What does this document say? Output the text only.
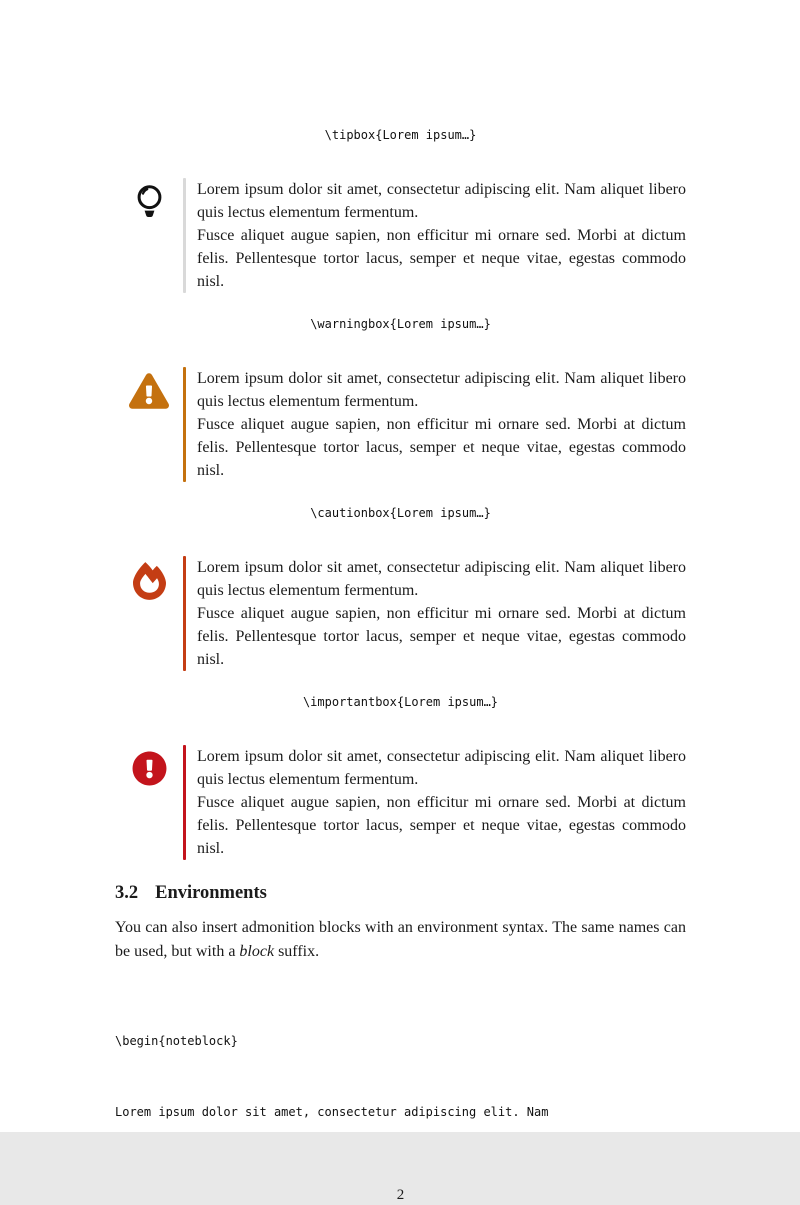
\tipbox{Lorem ipsum…}

Lorem ipsum dolor sit amet, consectetur adipiscing elit. Nam aliquet libero quis lectus elementum fermentum.

Fusce aliquet augue sapien, non efficitur mi ornare sed. Morbi at dictum felis. Pellentesque tortor lacus, semper et neque vitae, egestas commodo nisl.

\warningbox{Lorem ipsum…}

Lorem ipsum dolor sit amet, consectetur adipiscing elit. Nam aliquet libero quis lectus elementum fermentum.

Fusce aliquet augue sapien, non efficitur mi ornare sed. Morbi at dictum felis. Pellentesque tortor lacus, semper et neque vitae, egestas commodo nisl.

\cautionbox{Lorem ipsum…}

Lorem ipsum dolor sit amet, consectetur adipiscing elit. Nam aliquet libero quis lectus elementum fermentum.

Fusce aliquet augue sapien, non efficitur mi ornare sed. Morbi at dictum felis. Pellentesque tortor lacus, semper et neque vitae, egestas commodo nisl.

\importantbox{Lorem ipsum…}

Lorem ipsum dolor sit amet, consectetur adipiscing elit. Nam aliquet libero quis lectus elementum fermentum.

Fusce aliquet augue sapien, non efficitur mi ornare sed. Morbi at dictum felis. Pellentesque tortor lacus, semper et neque vitae, egestas commodo nisl.

3.2 Environments

You can also insert admonition blocks with an environment syntax. The same names can be used, but with a block suffix.

\begin{noteblock}

Lorem ipsum dolor sit amet, consectetur adipiscing elit. Nam

2
